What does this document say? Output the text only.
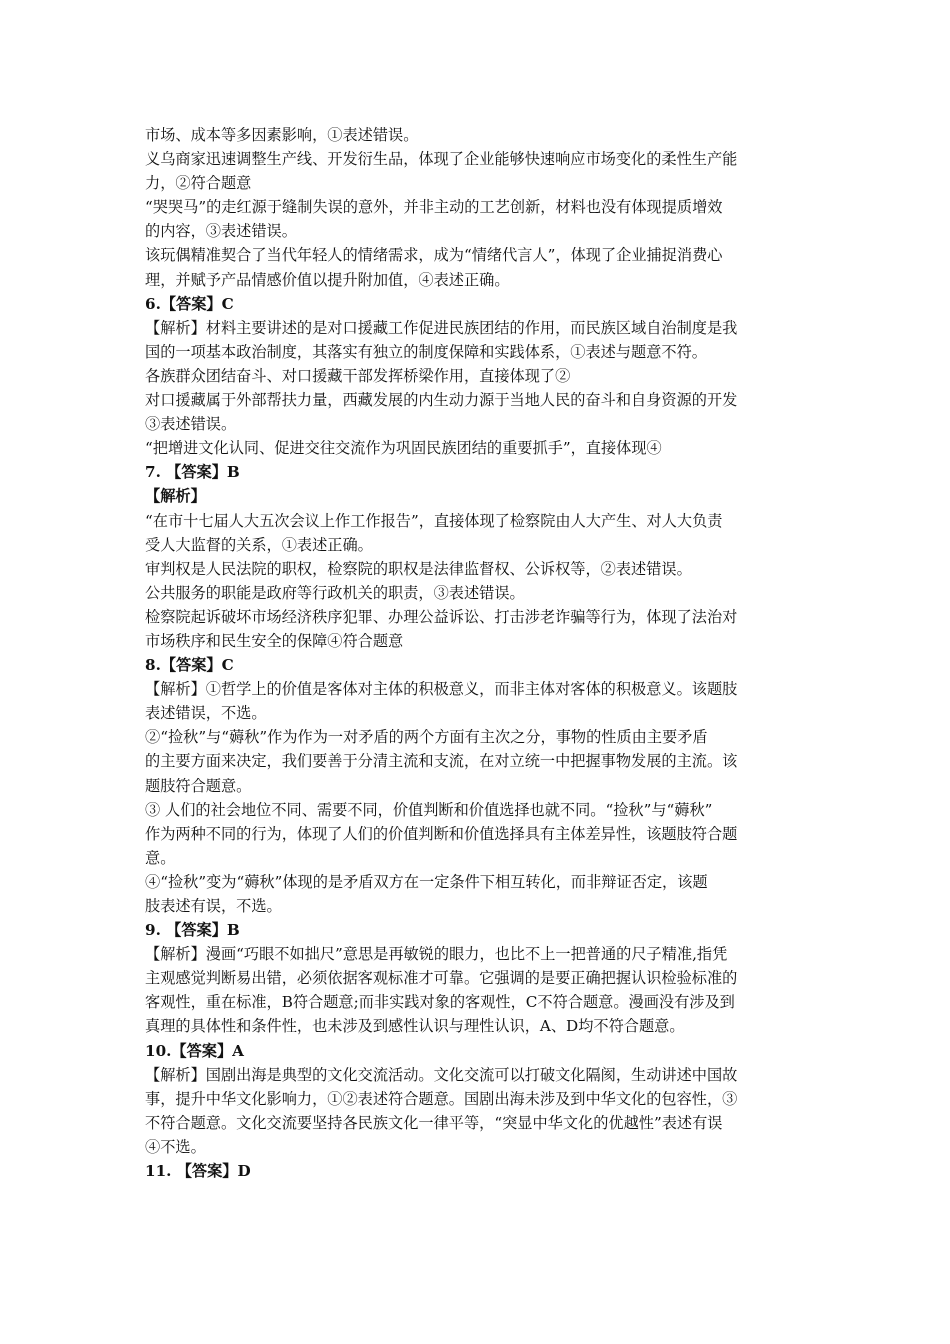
市场、成本等多因素影响，①表述错误。
义乌商家迅速调整生产线、开发衍生品，体现了企业能够快速响应市场变化的柔性生产能
力，②符合题意
“哭哭马”的走红源于缝制失误的意外，并非主动的工艺创新，材料也没有体现提质增效
的内容，③表述错误。
该玩偶精准契合了当代年轻人的情绪需求，成为“情绪代言人”，体现了企业捕捉消费心
理，并赋予产品情感价值以提升附加值，④表述正确。
6.【答案】C
【解析】材料主要讲述的是对口援藏工作促进民族团结的作用，而民族区域自治制度是我
国的一项基本政治制度，其落实有独立的制度保障和实践体系，①表述与题意不符。
各族群众团结奋斗、对口援藏干部发挥桥梁作用，直接体现了②
对口援藏属于外部帮扶力量，西藏发展的内生动力源于当地人民的奋斗和自身资源的开发
③表述错误。
“把增进文化认同、促进交往交流作为巩固民族团结的重要抓手”，直接体现④
7. 【答案】B
【解析】
“在市十七届人大五次会议上作工作报告”，直接体现了检察院由人大产生、对人大负责
受人大监督的关系，①表述正确。
审判权是人民法院的职权，检察院的职权是法律监督权、公诉权等，②表述错误。
公共服务的职能是政府等行政机关的职责，③表述错误。
检察院起诉破坏市场经济秩序犯罪、办理公益诉讼、打击涉老诈骗等行为，体现了法治对
市场秩序和民生安全的保障④符合题意
8.【答案】C
【解析】①哲学上的价值是客体对主体的积极意义，而非主体对客体的积极意义。该题肢
表述错误，不选。
②“捡秋”与“薅秋”作为作为一对矛盾的两个方面有主次之分，事物的性质由主要矛盾
的主要方面来决定，我们要善于分清主流和支流，在对立统一中把握事物发展的主流。该
题肢符合题意。
③ 人们的社会地位不同、需要不同，价值判断和价值选择也就不同。“捡秋”与“薅秋”
作为两种不同的行为，体现了人们的价值判断和价值选择具有主体差异性，该题肢符合题
意。
④“捡秋”变为“薅秋”体现的是矛盾双方在一定条件下相互转化，而非辩证否定，该题
肢表述有误，不选。
9. 【答案】B
【解析】漫画“巧眼不如拙尺”意思是再敏锐的眼力，也比不上一把普通的尺子精准,指凭
主观感觉判断易出错，必须依据客观标准才可靠。它强调的是要正确把握认识检验标准的
客观性，重在标准，B符合题意;而非实践对象的客观性，C不符合题意。漫画没有涉及到
真理的具体性和条件性，也未涉及到感性认识与理性认识，A、D均不符合题意。
10.【答案】A
【解析】国剧出海是典型的文化交流活动。文化交流可以打破文化隔阂，生动讲述中国故
事，提升中华文化影响力，①②表述符合题意。国剧出海未涉及到中华文化的包容性，③
不符合题意。文化交流要坚持各民族文化一律平等，“突显中华文化的优越性”表述有误
④不选。
11. 【答案】D
